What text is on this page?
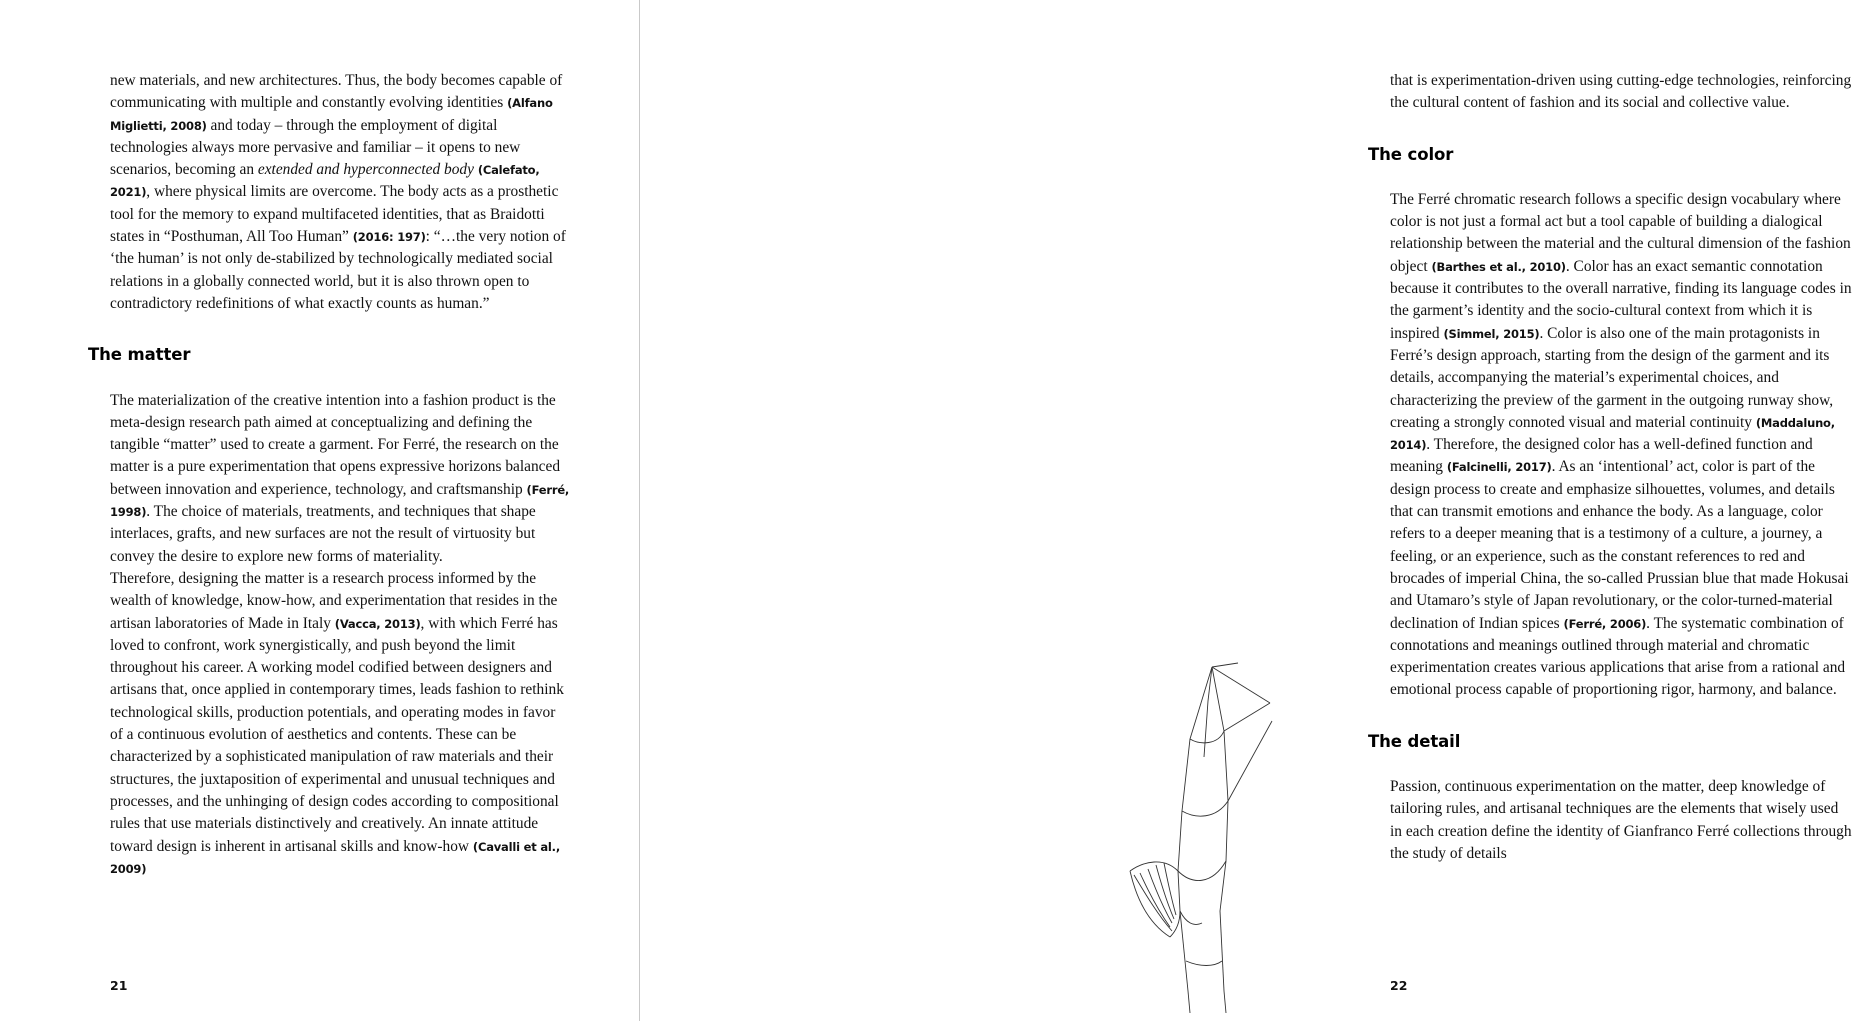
new materials, and new architectures. Thus, the body becomes capable of communicating with multiple and constantly evolving identities (Alfano Miglietti, 2008) and today – through the employment of digital technologies always more pervasive and familiar – it opens to new scenarios, becoming an extended and hyperconnected body (Calefato, 2021), where physical limits are overcome. The body acts as a prosthetic tool for the memory to expand multifaceted identities, that as Braidotti states in “Posthuman, All Too Human” (2016: 197): “…the very notion of ‘the human’ is not only de-stabilized by technologically mediated social relations in a globally connected world, but it is also thrown open to contradictory redefinitions of what exactly counts as human.”

The matter

The materialization of the creative intention into a fashion product is the meta-design research path aimed at conceptualizing and defining the tangible “matter” used to create a garment. For Ferré, the research on the matter is a pure experimentation that opens expressive horizons balanced between innovation and experience, technology, and craftsmanship (Ferré, 1998). The choice of materials, treatments, and techniques that shape interlaces, grafts, and new surfaces are not the result of virtuosity but convey the desire to explore new forms of materiality.

Therefore, designing the matter is a research process informed by the wealth of knowledge, know-how, and experimentation that resides in the artisan laboratories of Made in Italy (Vacca, 2013), with which Ferré has loved to confront, work synergistically, and push beyond the limit throughout his career. A working model codified between designers and artisans that, once applied in contemporary times, leads fashion to rethink technological skills, production potentials, and operating modes in favor of a continuous evolution of aesthetics and contents. These can be characterized by a sophisticated manipulation of raw materials and their structures, the juxtaposition of experimental and unusual techniques and processes, and the unhinging of design codes according to compositional rules that use materials distinctively and creatively. An innate attitude toward design is inherent in artisanal skills and know-how (Cavalli et al., 2009)

21

that is experimentation-driven using cutting-edge technologies, reinforcing the cultural content of fashion and its social and collective value.

The color

The Ferré chromatic research follows a specific design vocabulary where color is not just a formal act but a tool capable of building a dialogical relationship between the material and the cultural dimension of the fashion object (Barthes et al., 2010). Color has an exact semantic connotation because it contributes to the overall narrative, finding its language codes in the garment’s identity and the socio-cultural context from which it is inspired (Simmel, 2015). Color is also one of the main protagonists in Ferré’s design approach, starting from the design of the garment and its details, accompanying the material’s experimental choices, and characterizing the preview of the garment in the outgoing runway show, creating a strongly connoted visual and material continuity (Maddaluno, 2014). Therefore, the designed color has a well-defined function and meaning (Falcinelli, 2017). As an ‘intentional’ act, color is part of the design process to create and emphasize silhouettes, volumes, and details that can transmit emotions and enhance the body. As a language, color refers to a deeper meaning that is a testimony of a culture, a journey, a feeling, or an experience, such as the constant references to red and brocades of imperial China, the so-called Prussian blue that made Hokusai and Utamaro’s style of Japan revolutionary, or the color-turned-material declination of Indian spices (Ferré, 2006). The systematic combination of connotations and meanings outlined through material and chromatic experimentation creates various applications that arise from a rational and emotional process capable of proportioning rigor, harmony, and balance.

The detail

Passion, continuous experimentation on the matter, deep knowledge of tailoring rules, and artisanal techniques are the elements that wisely used in each creation define the identity of Gianfranco Ferré collections through the study of details

22
